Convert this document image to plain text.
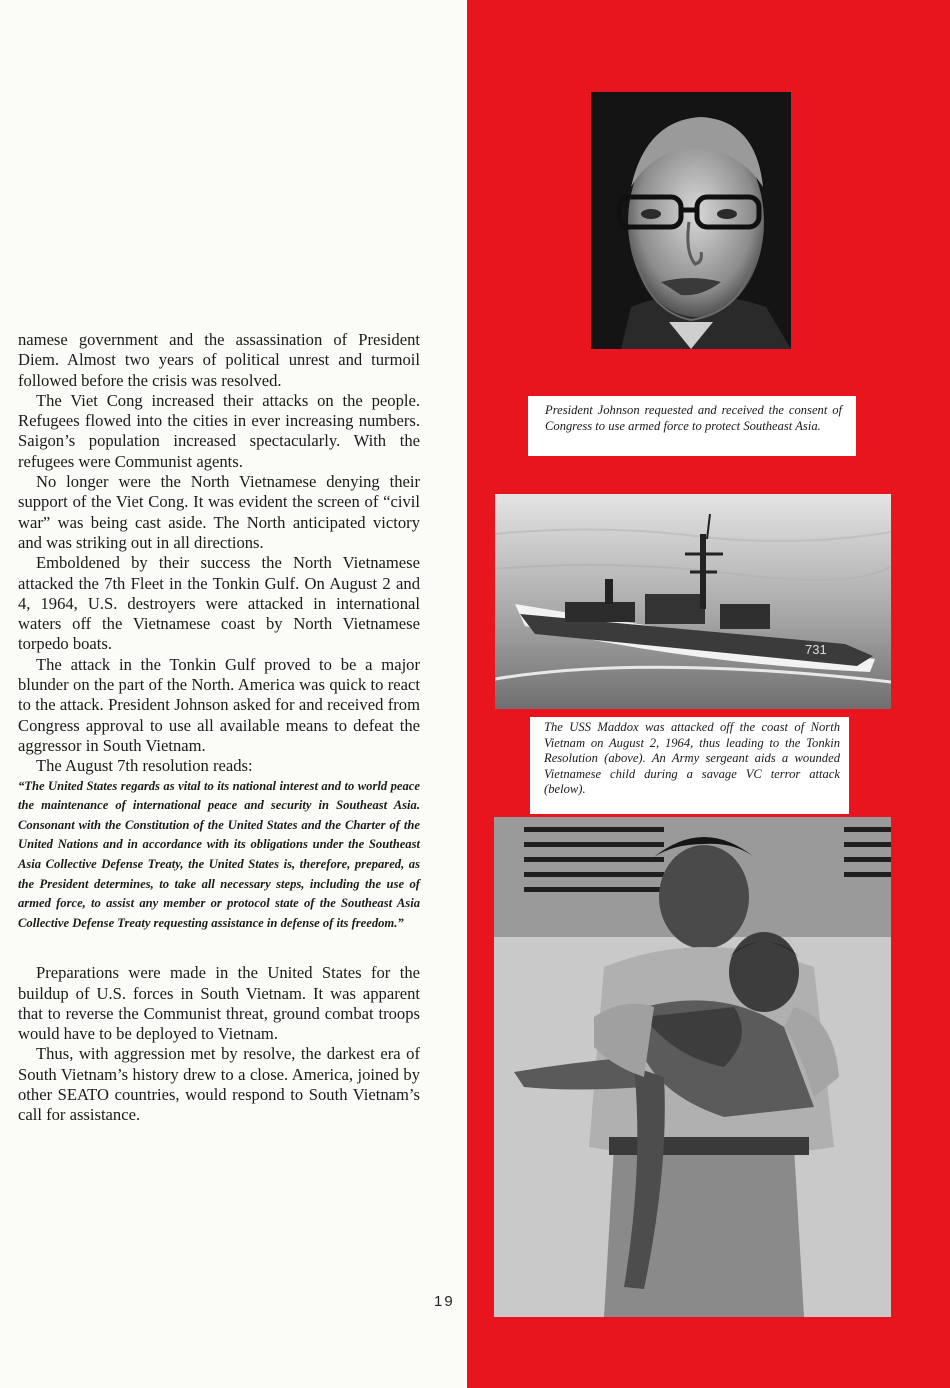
namese government and the assassination of President Diem. Almost two years of political unrest and turmoil followed before the crisis was resolved.

The Viet Cong increased their attacks on the people. Refugees flowed into the cities in ever increasing numbers. Saigon’s population increased spectacularly. With the refugees were Communist agents.

No longer were the North Vietnamese denying their support of the Viet Cong. It was evident the screen of “civil war” was being cast aside. The North anticipated victory and was striking out in all directions.

Emboldened by their success the North Vietnamese attacked the 7th Fleet in the Tonkin Gulf. On August 2 and 4, 1964, U.S. destroyers were attacked in international waters off the Vietnamese coast by North Vietnamese torpedo boats.

The attack in the Tonkin Gulf proved to be a major blunder on the part of the North. America was quick to react to the attack. President Johnson asked for and received from Congress approval to use all available means to defeat the aggressor in South Vietnam.

The August 7th resolution reads:

“The United States regards as vital to its national interest and to world peace the maintenance of international peace and security in Southeast Asia. Consonant with the Constitution of the United States and the Charter of the United Nations and in accordance with its obligations under the Southeast Asia Collective Defense Treaty, the United States is, therefore, prepared, as the President determines, to take all necessary steps, including the use of armed force, to assist any member or protocol state of the Southeast Asia Collective Defense Treaty requesting assistance in defense of its freedom.”

Preparations were made in the United States for the buildup of U.S. forces in South Vietnam. It was apparent that to reverse the Communist threat, ground combat troops would have to be deployed to Vietnam.

Thus, with aggression met by resolve, the darkest era of South Vietnam’s history drew to a close. America, joined by other SEATO countries, would respond to South Vietnam’s call for assistance.

19
President Johnson requested and received the consent of Congress to use armed force to protect Southeast Asia.
731
The USS Maddox was attacked off the coast of North Vietnam on August 2, 1964, thus leading to the Tonkin Resolution (above). An Army sergeant aids a wounded Vietnamese child during a savage VC terror attack (below).
